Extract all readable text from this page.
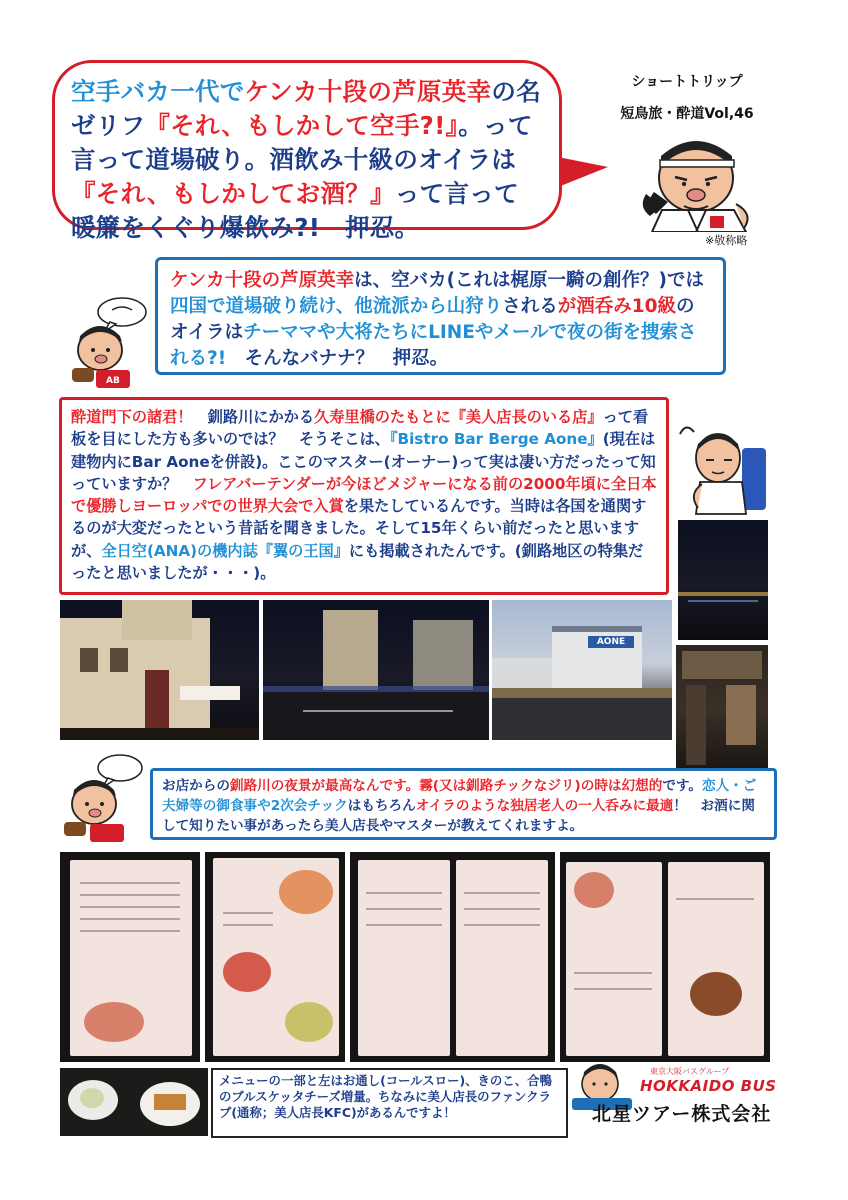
空手バカ一代でケンカ十段の芦原英幸の名ゼリフ『それ、もしかして空手?!』。って言って道場破り。酒飲み十級のオイラは『それ、もしかしてお酒？』って言って暖簾をくぐり爆飲み?!　押忍。
ショートトリップ
短鳥旅・酔道Vol,46
※敬称略
AB
ケンカ十段の芦原英幸は、空バカ(これは梶原一騎の創作？)では四国で道場破り続け、他流派から山狩りされるが酒呑み10級のオイラはチーママや大将たちにLINEやメールで夜の街を捜索される?!　そんなバナナ？　押忍。
酔道門下の諸君！　釧路川にかかる久寿里橋のたもとに『美人店長のいる店』って看板を目にした方も多いのでは？　そうそこは、『Bistro Bar Berge Aone』(現在は建物内にBar Aoneを併設)。ここのマスター(オーナー)って実は凄い方だったって知っていますか？　フレアバーテンダーが今ほどメジャーになる前の2000年頃に全日本で優勝しヨーロッパでの世界大会で入賞を果たしているんです。当時は各国を通関するのが大変だったという昔話を聞きました。そして15年くらい前だったと思いますが、全日空(ANA)の機内誌『翼の王国』にも掲載されたんです。(釧路地区の特集だったと思いましたが・・・)。
AONE
お店からの釧路川の夜景が最高なんです。霧(又は釧路チックなジリ)の時は幻想的です。恋人・ご夫婦等の御食事や2次会チックはもちろんオイラのような独居老人の一人呑みに最適！　お酒に関して知りたい事があったら美人店長やマスターが教えてくれますよ。
メニューの一部と左はお通し(コールスロー)、きのこ、合鴨のブルスケッタチーズ増量。ちなみに美人店長のファンクラブ(通称；美人店長KFC)があるんですよ！
東京大阪バスグループ
HOKKAIDO BUS
北星ツアー株式会社
